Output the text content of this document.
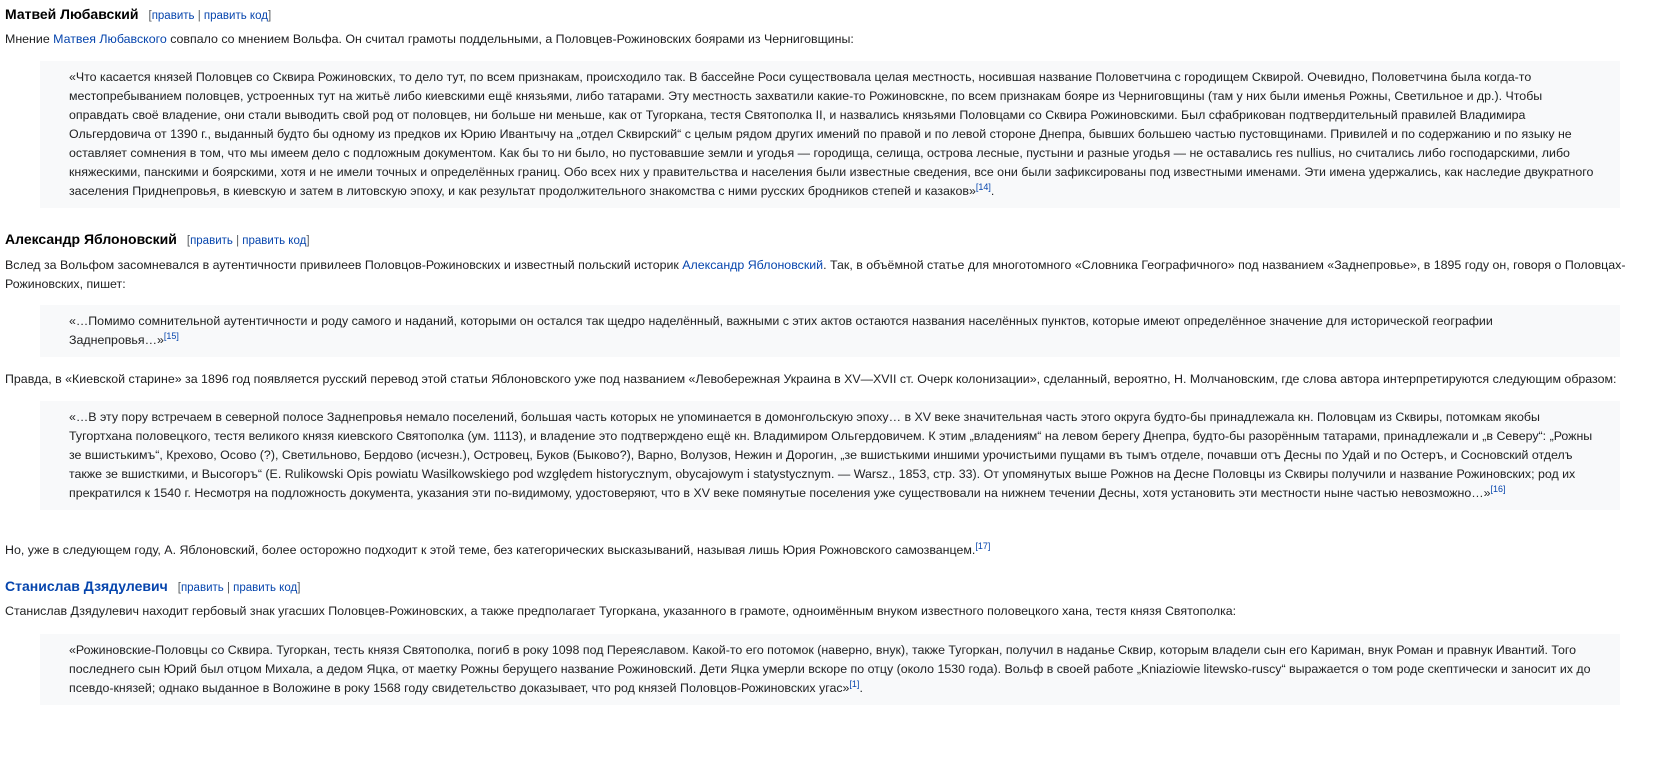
Матвей Любавский [править | править код]

Мнение Матвея Любавского совпало со мнением Вольфа. Он считал грамоты поддельными, а Половцев-Рожиновских боярами из Черниговщины:

«Что касается князей Половцев со Сквира Рожиновских, то дело тут, по всем признакам, происходило так. В бассейне Роси существовала целая местность, носившая название Половетчина с городищем Сквирой. Очевидно, Половетчина была когда-то местопребыванием половцев, устроенных тут на житьё либо киевскими ещё князьями, либо татарами. Эту местность захватили какие-то Рожиновскне, по всем признакам бояре из Черниговщины (там у них были именья Рожны, Светильное и др.). Чтобы оправдать своё владение, они стали выводить свой род от половцев, ни больше ни меньше, как от Тугоркана, тестя Святополка II, и назвались князьями Половцами со Сквира Рожиновскими. Был сфабрикован подтвердительный правилей Владимира Ольгердовича от 1390 г., выданный будто бы одному из предков их Юрию Ивантычу на „отдел Сквирский“ с целым рядом других имений по правой и по левой стороне Днепра, бывших большею частью пустовщинами. Привилей и по содержанию и по языку не оставляет сомнения в том, что мы имеем дело с подложным документом. Как бы то ни было, но пустовавшие земли и угодья — городища, селища, острова лесные, пустыни и разные угодья — не оставались res nullius, но считались либо господарскими, либо княжескими, панскими и боярскими, хотя и не имели точных и определённых границ. Обо всех них у правительства и населения были известные сведения, все они были зафиксированы под известными именами. Эти имена удержались, как наследие двукратного заселения Приднепровья, в киевскую и затем в литовскую эпоху, и как результат продолжительного знакомства с ними русских бродников степей и казаков»[14].
Александр Яблоновский [править | править код]

Вслед за Вольфом засомневался в аутентичности привилеев Половцов-Рожиновских и известный польский историк Александр Яблоновский. Так, в объёмной статье для многотомного «Словника Географичного» под названием «Заднепровье», в 1895 году он, говоря о Половцах-Рожиновских, пишет:

«…Помимо сомнительной аутентичности и роду самого и наданий, которыми он остался так щедро наделённый, важными с этих актов остаются названия населённых пунктов, которые имеют определённое значение для исторической географии Заднепровья…»[15]

Правда, в «Киевской старине» за 1896 год появляется русский перевод этой статьи Яблоновского уже под названием «Левобережная Украина в XV—XVII ст. Очерк колонизации», сделанный, вероятно, Н. Молчановским, где слова автора интерпретируются следующим образом:

«…В эту пору встречаем в северной полосе Заднепровья немало поселений, большая часть которых не упоминается в домонгольскую эпоху… в XV веке значительная часть этого округа будто-бы принадлежала кн. Половцам из Сквиры, потомкам якобы Тугортхана половецкого, тестя великого князя киевского Святополка (ум. 1113), и владение это подтверждено ещё кн. Владимиром Ольгердовичем. К этим „владениям“ на левом берегу Днепра, будто-бы разорённым татарами, принадлежали и „в Северу“: „Рожны зе вшистькимъ“, Крехово, Осово (?), Светильново, Бердово (исчезн.), Островец, Буков (Быково?), Варно, Волузов, Нежин и Дорогин, „зе вшистькими иншими урочистьими пущами въ тымъ отделе, почавши отъ Десны по Удай и по Остеръ, и Сосновский отделъ также зе вшисткими, и Высогоръ“ (E. Rulikowski Opis powiatu Wasilkowskiego pod względem historycznym, obycajowym i statystycznym. — Warsz., 1853, стр. 33). От упомянутых выше Рожнов на Десне Половцы из Сквиры получили и название Рожиновских; род их прекратился к 1540 г. Несмотря на подложность документа, указания эти по-видимому, удостоверяют, что в XV веке помянутые поселения уже существовали на нижнем течении Десны, хотя установить эти местности ныне частью невозможно…»[16]

Но, уже в следующем году, А. Яблоновский, более осторожно подходит к этой теме, без категорических высказываний, называя лишь Юрия Рожновского самозванцем.[17]

Станислав Дзядулевич [править | править код]

Станислав Дзядулевич находит гербовый знак угасших Половцев-Рожиновских, а также предполагает Тугоркана, указанного в грамоте, одноимённым внуком известного половецкого хана, тестя князя Святополка:

«Рожиновские-Половцы со Сквира. Тугоркан, тесть князя Святополка, погиб в року 1098 под Переяславом. Какой-то его потомок (наверно, внук), также Тугоркан, получил в наданье Сквир, которым владели сын его Кариман, внук Роман и правнук Ивантий. Того последнего сын Юрий был отцом Михала, а дедом Яцка, от маетку Рожны берущего название Рожиновский. Дети Яцка умерли вскоре по отцу (около 1530 года). Вольф в своей работе „Kniaziowie litewsko-ruscy“ выражается о том роде скептически и заносит их до псевдо-князей; однако выданное в Воложине в року 1568 году свидетельство доказывает, что род князей Половцов-Рожиновских угас»[1].
